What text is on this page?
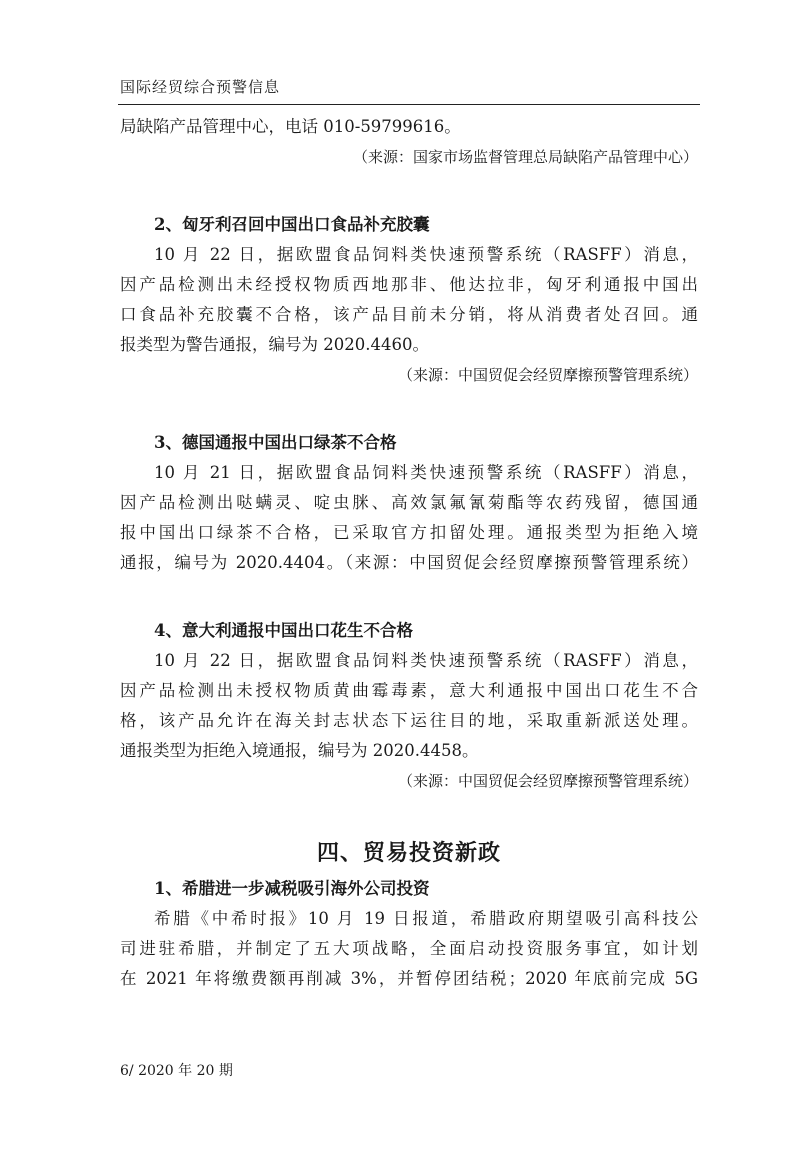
国际经贸综合预警信息
局缺陷产品管理中心，电话 010-59799616。
（来源：国家市场监督管理总局缺陷产品管理中心）
2、匈牙利召回中国出口食品补充胶囊
10 月 22 日，据欧盟食品饲料类快速预警系统（RASFF）消息，
因产品检测出未经授权物质西地那非、他达拉非，匈牙利通报中国出
口食品补充胶囊不合格，该产品目前未分销，将从消费者处召回。通
报类型为警告通报，编号为 2020.4460。
（来源：中国贸促会经贸摩擦预警管理系统）
3、德国通报中国出口绿茶不合格
10 月 21 日，据欧盟食品饲料类快速预警系统（RASFF）消息，
因产品检测出哒螨灵、啶虫脒、高效氯氟氰菊酯等农药残留，德国通
报中国出口绿茶不合格，已采取官方扣留处理。通报类型为拒绝入境
通报，编号为 2020.4404。（来源：中国贸促会经贸摩擦预警管理系统）
4、意大利通报中国出口花生不合格
10 月 22 日，据欧盟食品饲料类快速预警系统（RASFF）消息，
因产品检测出未授权物质黄曲霉毒素，意大利通报中国出口花生不合
格，该产品允许在海关封志状态下运往目的地，采取重新派送处理。
通报类型为拒绝入境通报，编号为 2020.4458。
（来源：中国贸促会经贸摩擦预警管理系统）
四、贸易投资新政
1、希腊进一步减税吸引海外公司投资
希腊《中希时报》10 月 19 日报道，希腊政府期望吸引高科技公
司进驻希腊，并制定了五大项战略，全面启动投资服务事宜，如计划
在 2021 年将缴费额再削减 3%，并暂停团结税；2020 年底前完成 5G
6/ 2020 年 20 期
